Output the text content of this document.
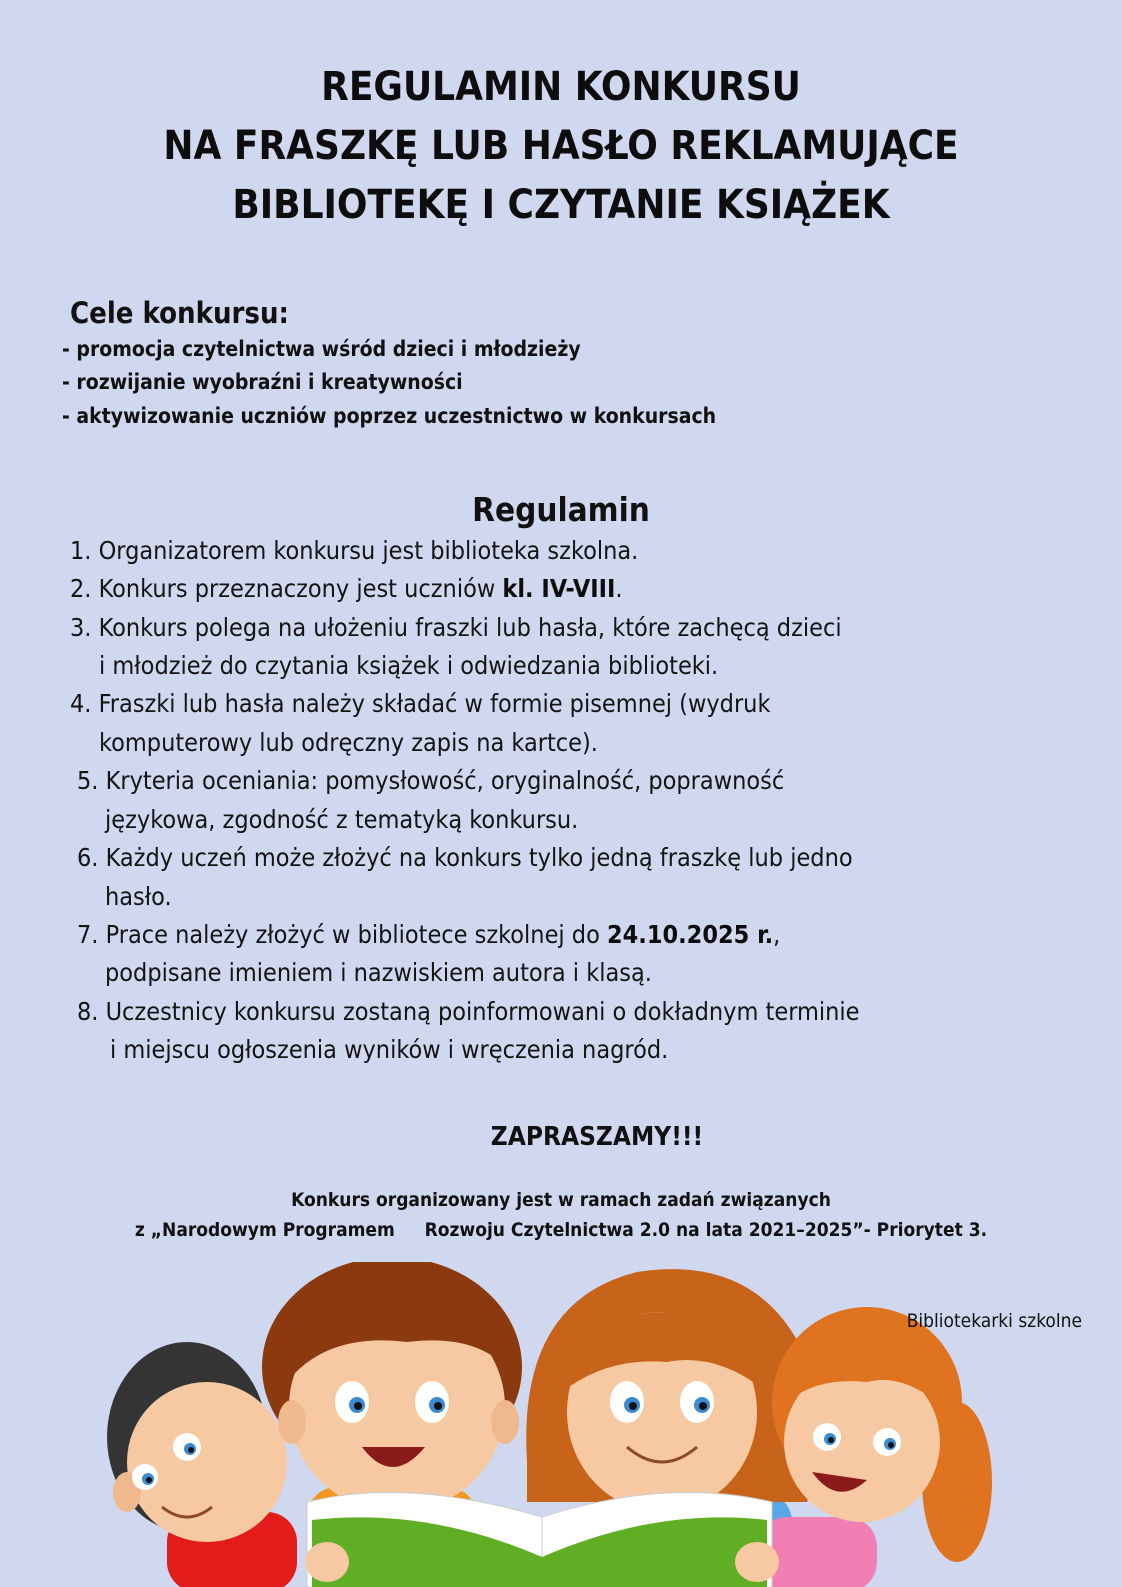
REGULAMIN KONKURSU
NA FRASZKĘ LUB HASŁO REKLAMUJĄCE
BIBLIOTEKĘ I CZYTANIE KSIĄŻEK
Cele konkursu:
- promocja czytelnictwa wśród dzieci i młodzieży
- rozwijanie wyobraźni i kreatywności
- aktywizowanie uczniów poprzez uczestnictwo w konkursach
Regulamin
1. Organizatorem konkursu jest biblioteka szkolna.
2. Konkurs przeznaczony jest uczniów kl. IV-VIII.
3. Konkurs polega na ułożeniu fraszki lub hasła, które zachęcą dzieci
i młodzież do czytania książek i odwiedzania biblioteki.
4. Fraszki lub hasła należy składać w formie pisemnej (wydruk
komputerowy lub odręczny zapis na kartce).
5. Kryteria oceniania: pomysłowość, oryginalność, poprawność
językowa, zgodność z tematyką konkursu.
6. Każdy uczeń może złożyć na konkurs tylko jedną fraszkę lub jedno
hasło.
7. Prace należy złożyć w bibliotece szkolnej do 24.10.2025 r.,
podpisane imieniem i nazwiskiem autora i klasą.
8. Uczestnicy konkursu zostaną poinformowani o dokładnym terminie
i miejscu ogłoszenia wyników i wręczenia nagród.
ZAPRASZAMY!!!
Konkurs organizowany jest w ramach zadań związanych
z „Narodowym Programem     Rozwoju Czytelnictwa 2.0 na lata 2021–2025”- Priorytet 3.
Bibliotekarki szkolne
